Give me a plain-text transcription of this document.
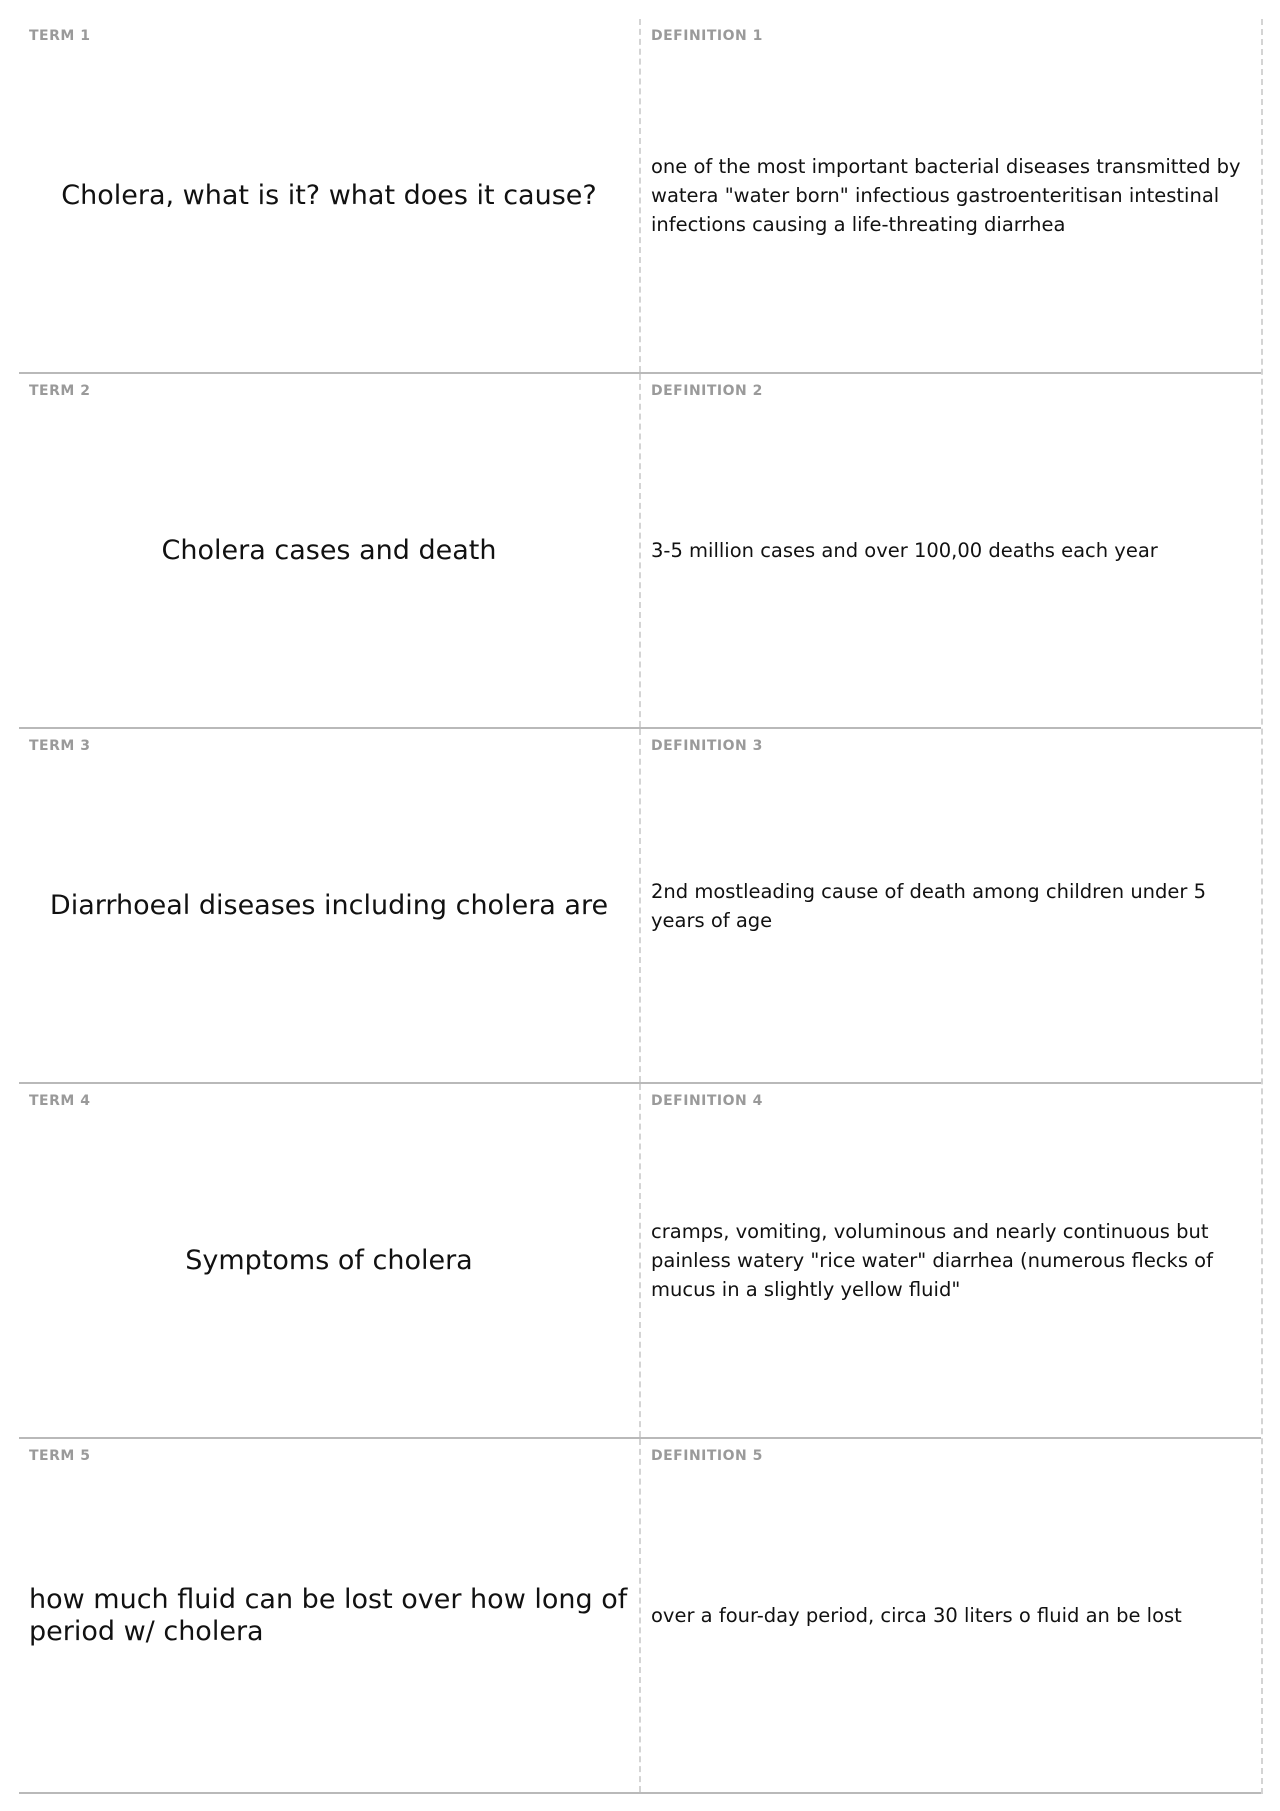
TERM 1
Cholera, what is it? what does it cause?
DEFINITION 1
one of the most important bacterial diseases transmitted by watera "water born" infectious gastroenteritisan intestinal infections causing a life-threating diarrhea
TERM 2
Cholera cases and death
DEFINITION 2
3-5 million cases and over 100,00 deaths each year
TERM 3
Diarrhoeal diseases including cholera are
DEFINITION 3
2nd mostleading cause of death among children under 5 years of age
TERM 4
Symptoms of cholera
DEFINITION 4
cramps, vomiting, voluminous and nearly continuous but painless watery "rice water" diarrhea (numerous flecks of mucus in a slightly yellow fluid"
TERM 5
how much fluid can be lost over how long of period w/ cholera
DEFINITION 5
over a four-day period, circa 30 liters o fluid an be lost
